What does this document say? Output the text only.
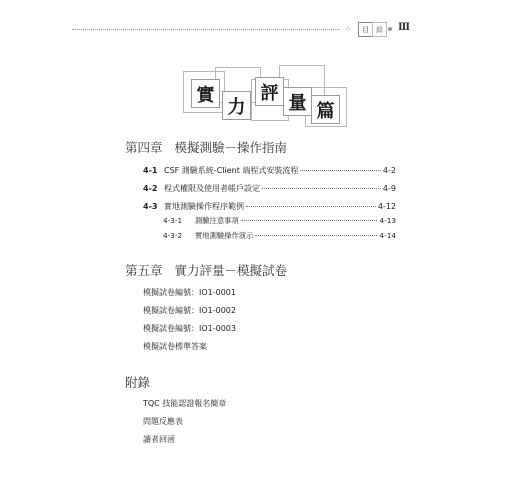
⁘	目	錄	III
實
力
評 量 篇
第四章 模擬測驗－操作指南
4-1 CSF 測驗系統-Client 端程式安裝流程	4-2
4-2 程式權限及使用者帳戶設定	4-9
4-3 實地測驗操作程序範例	4-12
4-3-1	測驗注意事項	4-13
4-3-2	實地測驗操作演示	4-14
第五章 實力評量－模擬試卷
模擬試卷編號：IO1-0001
模擬試卷編號：IO1-0002
模擬試卷編號：IO1-0003
模擬試卷標準答案
附錄
TQC 技能認證報名簡章
問題反應表
讀者回函
